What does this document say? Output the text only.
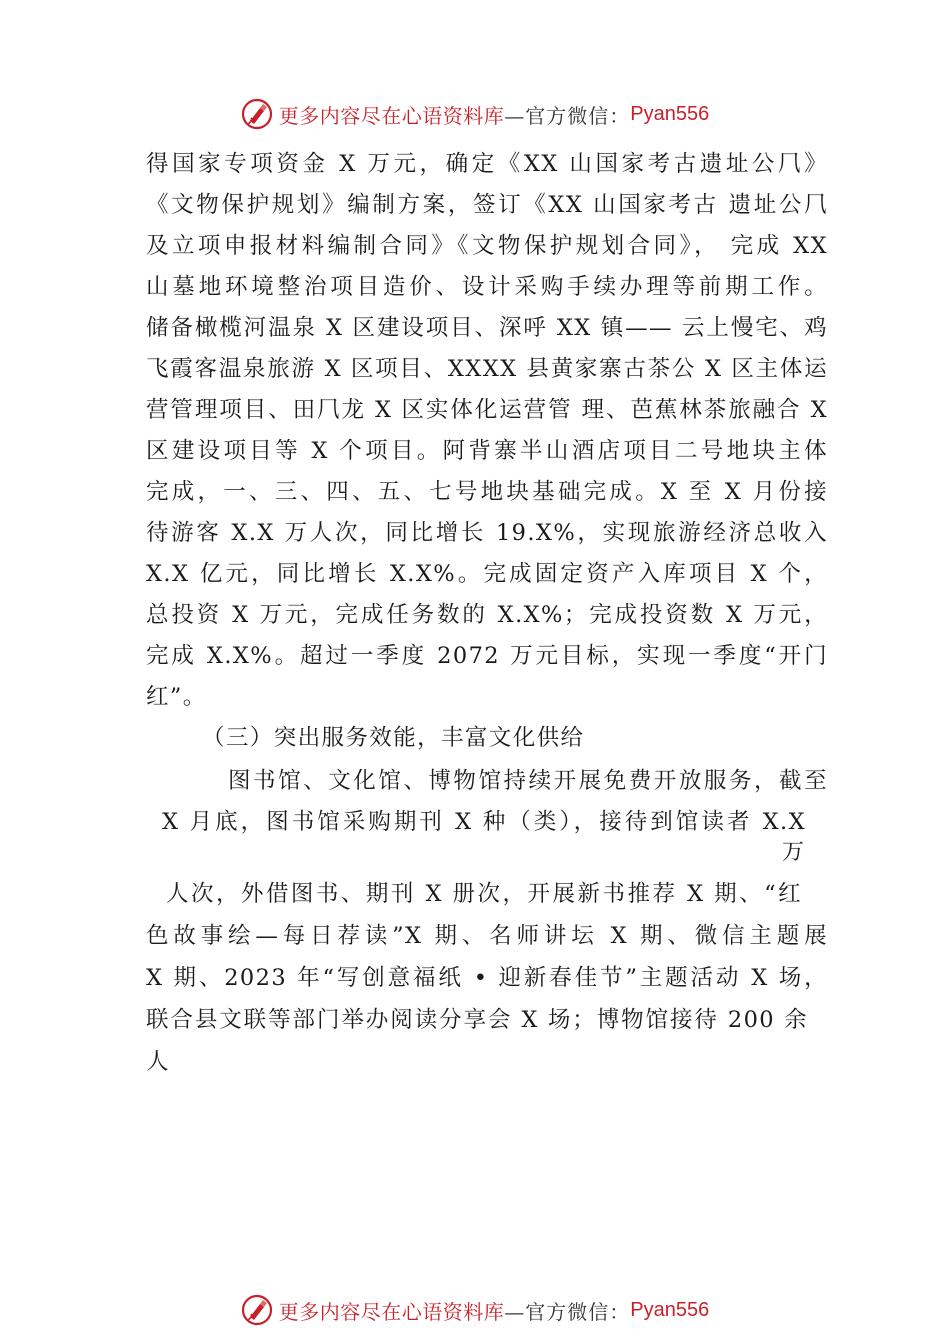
更多内容尽在心语资料库 —官方微信： Pyan556
得国家专项资金 X 万元，确定《XX 山国家考古遗址公⺇》
《文物保护规划》编制方案，签订《XX 山国家考古 遗址公⺇
及立项申报材料编制合同》《文物保护规划合同》， 完成 XX
山墓地环境整治项目造价、设计采购手续办理等前期工作。
储备橄榄河温泉 X 区建设项目、深呼 XX 镇—— 云上慢宅、鸡
飞霞客温泉旅游 X 区项目、XXXX 县黄家寨古茶公 X 区主体运
营管理项目、田⺇龙 X 区实体化运营管 理、芭蕉林茶旅融合 X
区建设项目等 X 个项目。阿背寨半山酒店项目二号地块主体
完成，一、三、四、五、七号地块基础完成。X 至 X 月份接
待游客 X.X 万人次，同比增长 19.X%，实现旅游经济总收入
X.X 亿元，同比增长 X.X%。完成固定资产入库项目 X 个，
总投资 X 万元，完成任务数的 X.X%；完成投资数 X 万元，
完成 X.X%。超过一季度 2072 万元目标，实现一季度“开门
红”。
（三）突出服务效能，丰富文化供给
图书馆、文化馆、博物馆持续开展免费开放服务，截至
X 月底，图书馆采购期刊 X 种（类），接待到馆读者 X.X
万
人次，外借图书、期刊 X 册次，开展新书推荐 X 期、“红
色故事绘—每日荐读”X 期、名师讲坛 X 期、微信主题展
X 期、2023 年“写创意福纸 • 迎新春佳节”主题活动 X 场，
联合县文联等部门举办阅读分享会 X 场；博物馆接待 200 余
人
更多内容尽在心语资料库 —官方微信： Pyan556
